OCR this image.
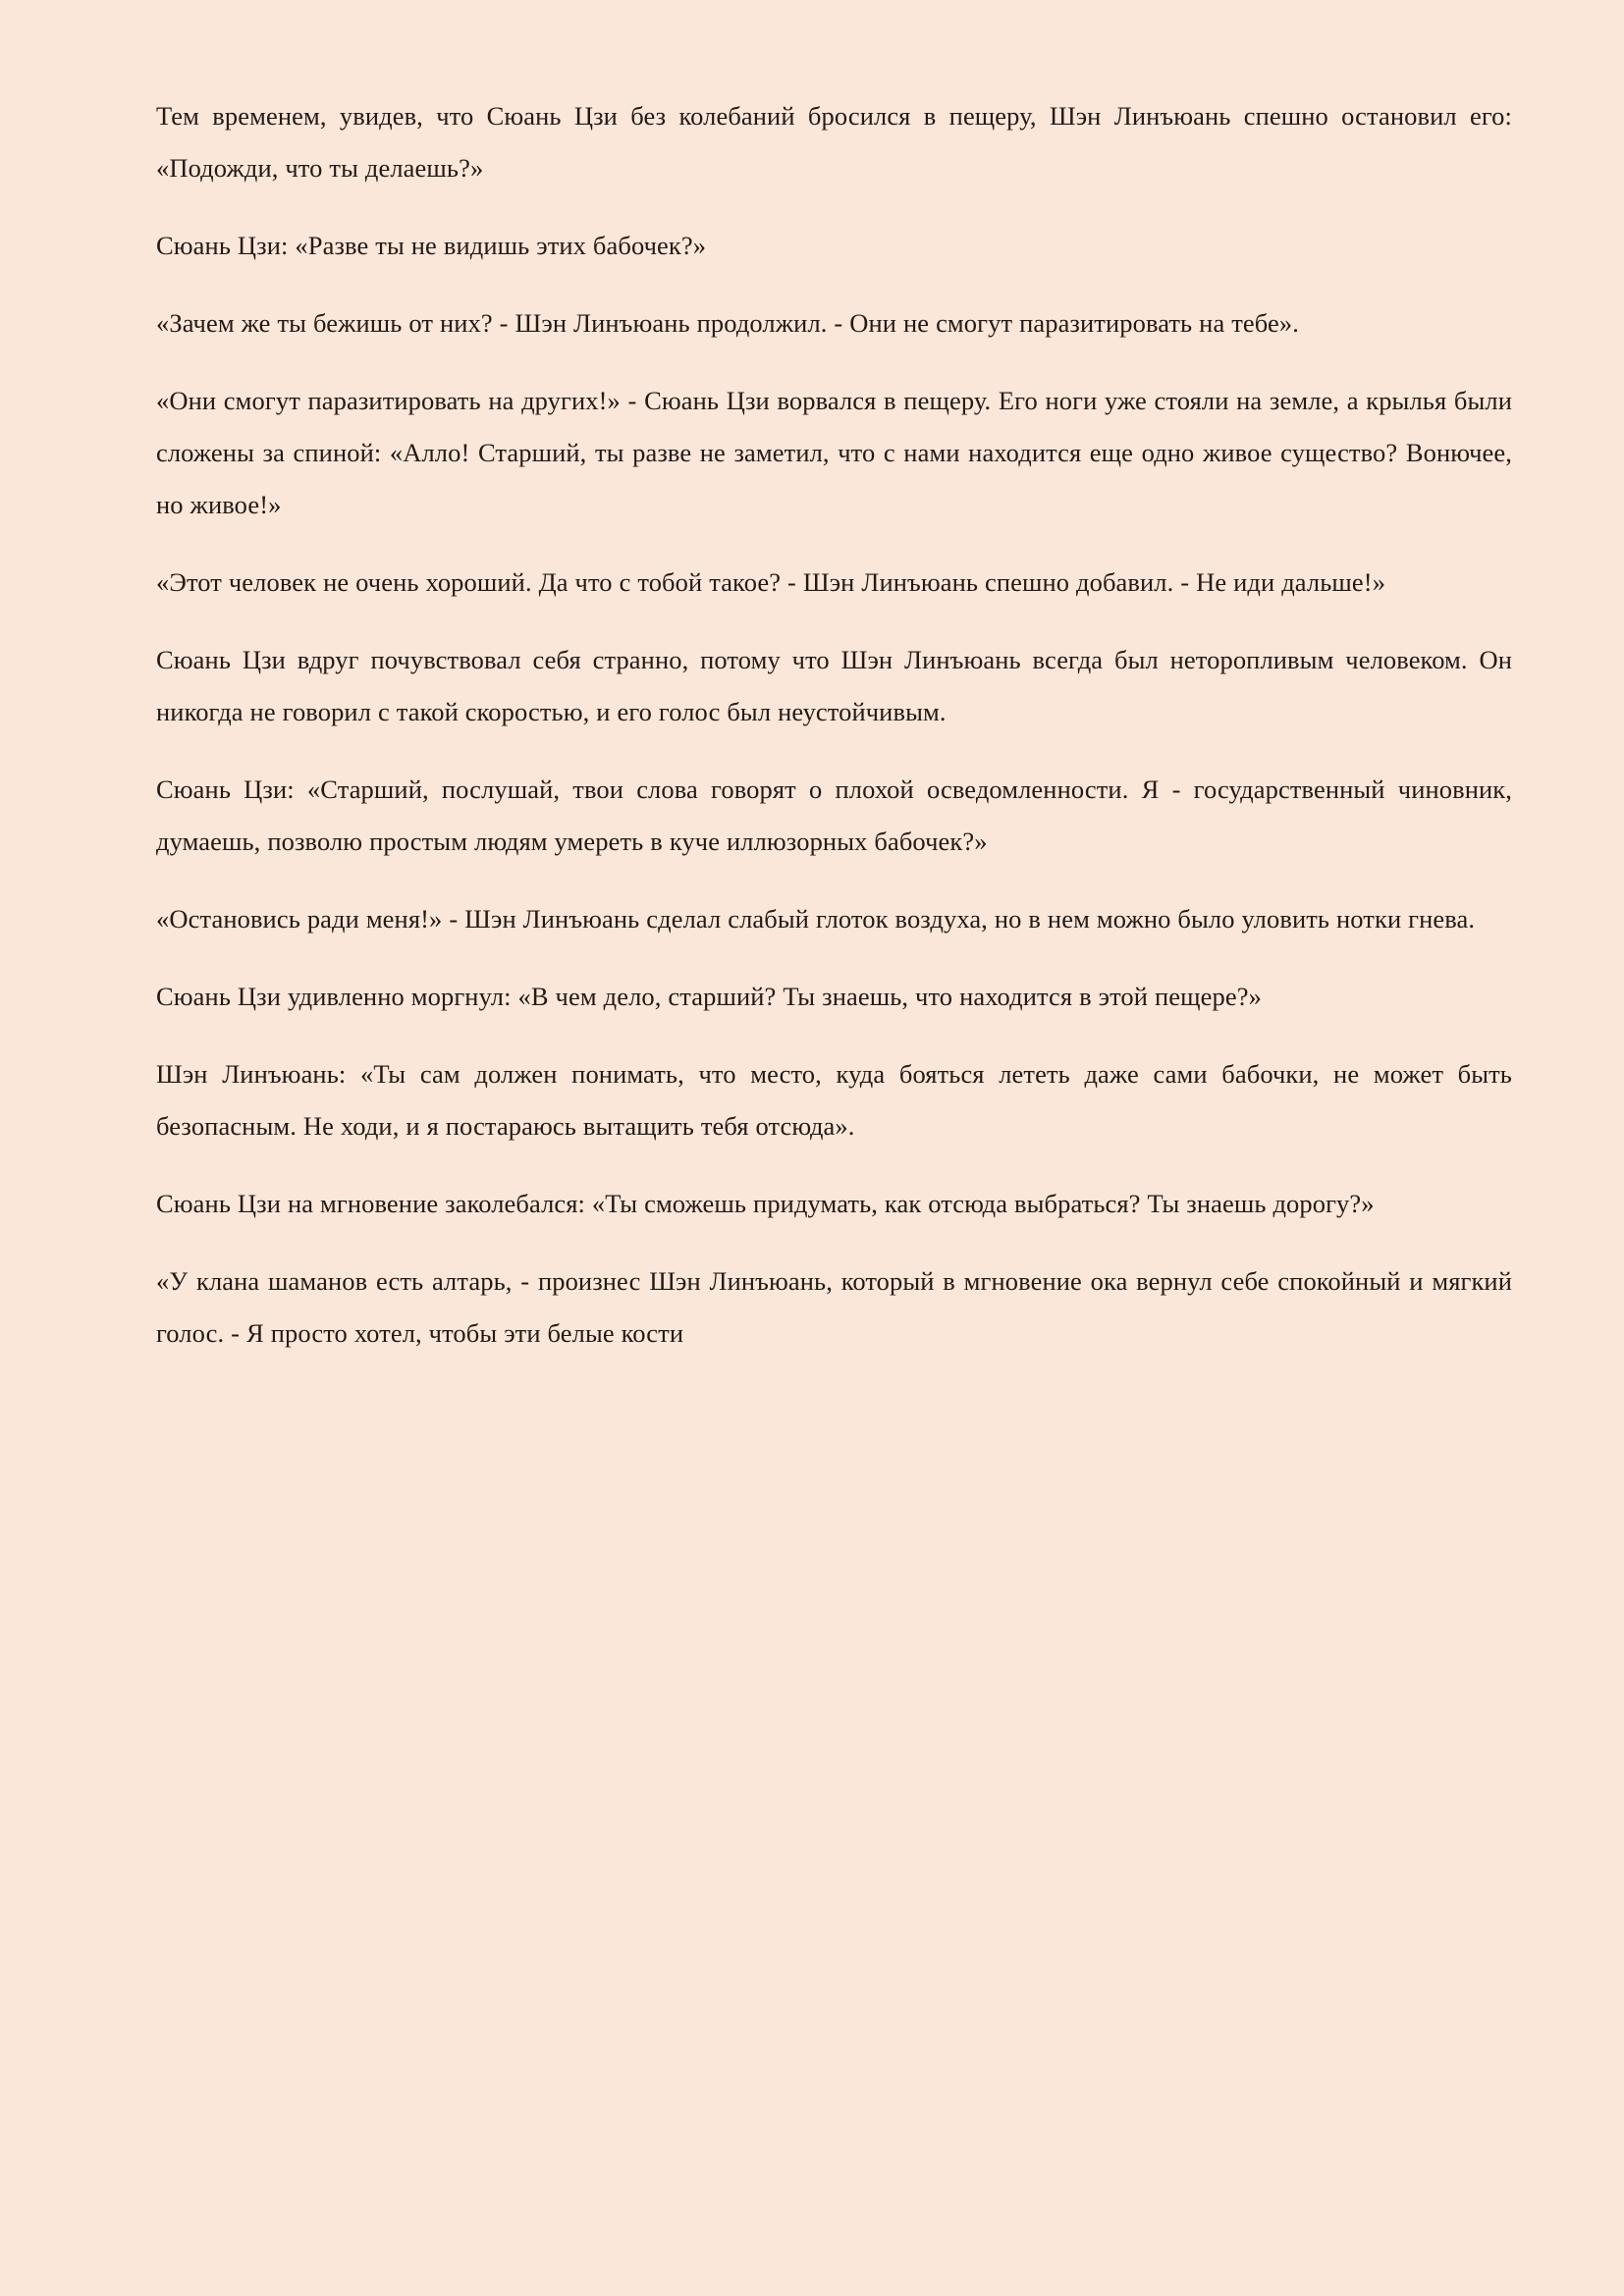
Тем временем, увидев, что Сюань Цзи без колебаний бросился в пещеру, Шэн Линъюань спешно остановил его: «Подожди, что ты делаешь?»

Сюань Цзи: «Разве ты не видишь этих бабочек?»

«Зачем же ты бежишь от них? - Шэн Линъюань продолжил. - Они не смогут паразитировать на тебе».

«Они смогут паразитировать на других!» - Сюань Цзи ворвался в пещеру. Его ноги уже стояли на земле, а крылья были сложены за спиной: «Алло! Старший, ты разве не заметил, что с нами находится еще одно живое существо? Вонючее, но живое!»

«Этот человек не очень хороший. Да что с тобой такое? - Шэн Линъюань спешно добавил. - Не иди дальше!»

Сюань Цзи вдруг почувствовал себя странно, потому что Шэн Линъюань всегда был неторопливым человеком. Он никогда не говорил с такой скоростью, и его голос был неустойчивым.

Сюань Цзи: «Старший, послушай, твои слова говорят о плохой осведомленности. Я - государственный чиновник, думаешь, позволю простым людям умереть в куче иллюзорных бабочек?»

«Остановись ради меня!» - Шэн Линъюань сделал слабый глоток воздуха, но в нем можно было уловить нотки гнева.

Сюань Цзи удивленно моргнул: «В чем дело, старший? Ты знаешь, что находится в этой пещере?»

Шэн Линъюань: «Ты сам должен понимать, что место, куда бояться лететь даже сами бабочки, не может быть безопасным. Не ходи, и я постараюсь вытащить тебя отсюда».

Сюань Цзи на мгновение заколебался: «Ты сможешь придумать, как отсюда выбраться? Ты знаешь дорогу?»

«У клана шаманов есть алтарь, - произнес Шэн Линъюань, который в мгновение ока вернул себе спокойный и мягкий голос. - Я просто хотел, чтобы эти белые кости
